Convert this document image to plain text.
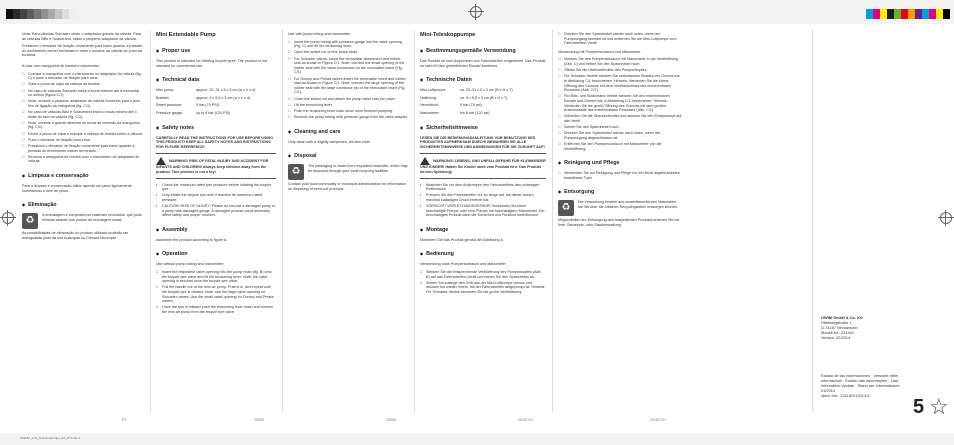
Nota: Para válvulas Schrader utilize o adaptador grande da válvula. Para as válvulas Blitz e Sclaverand, utilize o pequeno adaptador da válvula.
Pressione o elevador de fixação novamente para baixo quando a pressão do enchimento estiver terminado e retire o encaixe da válvula do pneu da bicicleta.
A usar com mangueira de bomba e manómetro
□	Coloque a mangueira com o manómetro no adaptador de válvula (fig. C) e pune o elevador de fixação para cima.
□	Solte a porca de capa da cabeça da bomba.
□	No caso de válvulas Schrader insira o bocal mesmo até à horizontal no orifício (figura C/1).
□	Nota: conecte o pequeno adaptador de válvula fornecido para o pino fixo de ligação da mangueira (fig. C/1).
□	No caso de válvulas Blitz e Sclaverand insira o bocal mesmo até o limite do bico na válvula (fig. C/1).
□	Nota: conecte a grande abertura do bocal da conexão da mangueira (fig. C/1).
□	Feche a porca de capa e coloque a cabeça de bomba sobre a válvula.
□	Puxe o elevador de fixação para cima.
□	Pressione o elevador de fixação novamente para baixo quando a pressão do enchimento estiver terminado.
□	Remova a mangueira de bomba com o manómetro do adaptador de válvula.
◆ Limpeza e conservação
Para a limpeza e conservação utilize apenas um pano ligeiramente humedecido e livre de pêlos.
◆ Eliminação
♻	A embalagem é composta por materiais reciclados, que pode eliminar através dos postos de reciclagem locais.
As possibilidades de eliminação do produto utilizado poderão ser averiguadas junto da sua Autarquia ou Câmara Municipal.
Mini Extendable Pump
◆ Proper use
This product is intended for inflating bicycle tyres. The product is not intended for commercial use.
◆ Technical data
Mini pump:	approx. 22–31 x 5 x 3 cm (w x h x d)
Bracket:	approx. 9 x 5.5 x 3 cm (w x h x d)
Rated pressure:	5 bar (70 PSI)
Pressure gauge:	up to 8 bar (120 PSI)
◆ Safety notes
CAREFULLY READ THE INSTRUCTIONS FOR USE BEFORE USING THIS PRODUCT! KEEP ALL SAFETY NOTES AND INSTRUCTIONS FOR FUTURE REFERENCE!
WARNING! RISK OF FATAL INJURY AND ACCIDENT FOR INFANTS AND CHILDREN! Always keep children away from the product. This product is not a toy!
▪	Check the maximum rated tyre pressure before inflating the bicycle tyre.
▪	Only inflate the bicycle tyre until it reaches its maximum rated pressure.
▪	CAUTION! RISK OF INJURY! Please do not use a damaged pump or a pump with damaged gauge. A damaged product could adversely affect safety and proper function.
◆ Assembly
Assemble the product according to figure A.
◆ Operation
Use without pump tubing and manometer
□	Insert the respective valve opening into the pump head (fig. B) onto the bicycle tyre valve and lift the tensioning lever. Note: the valve opening is secured once the bicycle tyre valve.
□	Pull the handle out of the mini air pump. Push it in, and repeat until the bicycle tyre is inflated. Note: use the large valve opening for Schrader valves. Use the small valve opening for Dunlop and Presta valves.
□	Once the tyre is inflated push the tensioning lever down and remove the mini air pump from the bicycle tyre valve.
Use with pump tubing and manometer
□	Insert the pump tubing with pressure gauge into the valve opening (Fig. C) and lift the tensioning lever.
□	Open the swivel nut on the pump head.
□	For Schrader valves: insert the removable attachment and rubber seal as shown in Figure C/1. Note: connect the small opening of the rubber seal with the valve connection on the removable insert (Fig. C/1).
□	For Dunlop and Presta valves insert the removable insert and rubber seal as shown in Figure C/1. Note: connect the large opening of the rubber seal with the large connector pin of the removable insert (Fig. C/1).
□	Close the swivel nut and attach the pump head onto the valve.
□	Lift the tensioning lever.
□	Push the tensioning lever back down once finished pumping.
□	Remove the pump tubing with pressure gauge from the valve adapter.
◆ Cleaning and care
Only clean with a slightly dampened, lint-free cloth.
◆ Disposal
♻	The packaging is made from recyclable materials, which may be disposed through your local recycling facilities.
Contact your local community or municipal administration for information on disposing of worn-out products.
Mini-Teleskoppumpe
◆ Bestimmungsgemäße Verwendung
Das Produkt ist zum Aufpumpen von Fahrradreifen vorgesehen. Das Produkt ist nicht für den gewerblichen Einsatz bestimmt.
◆ Technische Daten
Mini-Luftpumpe:	ca. 22–31 x 5 x 3 cm (B x H x T)
Halterung:	ca. 9 x 5,5 x 3 cm (B x H x T)
Nenndruck:	5 bar (70 psi)
Manometer:	bis 8 bar (120 psi)
◆ Sicherheitshinweise
LESEN SIE DIE BEDIENUNGSANLEITUNG VOR BENUTZUNG DES PRODUKTES AUFMERKSAM DURCH! BEWAHREN SIE ALLE SICHERHEITSHINWEISE UND ANWEISUNGEN FÜR DIE ZUKUNFT AUF!
WARNUNG! LEBENS- UND UNFALLGEFAHR FÜR KLEINKINDER UND KINDER! Halten Sie Kinder stets vom Produkt fern. Das Produkt ist kein Spielzeug!
▪	Beachten Sie vor dem Aufpumpen des Fahrradreifens den zulässigen Reifendruck.
▪	Pumpen Sie den Fahrradreifen nur so lange auf, bis dieser seinen maximal zulässigen Druck erreicht hat.
▪	VORSICHT! VERLETZUNGSGEFAHR! Verwenden Sie keine beschädigte Pumpe oder eine Pumpe mit beschädigtem Manometer. Ein beschädigtes Produkt kann die Sicherheit und Funktion beeinflussen.
◆ Montage
Montieren Sie das Produkt gemäß der Abbildung A.
◆ Bedienung
Verwendung ohne Pumpenschlauch und Manometer
□	Stecken Sie die entsprechende Ventilöffnung des Pumpenkopfes (Abb. B) auf das Fahrradreifen-Ventil und heben Sie den Spannhebel an.
□	Ziehen Sie solange den Griff aus der Mini-Luftpumpe heraus und drücken ihn wieder hinein, bis der Fahrradreifen aufgepumpt ist. Hinweis: Für Schrader-Ventile benutzen Sie die große Ventilöffnung.
□	Drücken Sie den Spannhebel wieder nach unten, wenn der Pumpvorgang beendet ist und entfernen Sie die Mini-Luftpumpe vom Fahrradreifen-Ventil.
Verwendung mit Pumpenschlauch und Manometer
□	Stecken Sie den Pumpenschlauch mit Manometer in die Ventilöffnung (Abb. C) und heben Sie den Spannhebel hoch.
□	Öffnen Sie die Überwurfmutter des Pumpenkopfes.
□	Für Schrader-Ventile stecken Sie vereinfachen Einsatz und Gummi wie in Abbildung C/1 beschrieben. Hinweis: Verbinden Sie die kleine Öffnung des Gummis mit dem Ventilanschluss des entnehmbaren Einsatzes (Abb. C/1).
□	Für Blitz- und Sclaverand-Ventile stecken Sie den entnehmbaren Einsatz und Gummi wie in Abbildung C/1 beschrieben. Hinweis: Verbinden Sie die große Öffnung des Gummis mit dem großen Anschlussstift des entnehmbaren Einsatzes (Abb. C/1).
□	Schließen Sie die Überwurfmutter und stecken Sie den Pumpenkopf auf das Ventil.
□	Ziehen Sie den Spannhebel hoch.
□	Drücken Sie den Spannhebel wieder nach unten, wenn der Pumpvorgang abgeschlossen ist.
□	Entfernen Sie den Pumpenschlauch mit Manometer von der Ventilöffnung.
◆ Reinigung und Pflege
□	Verwenden Sie zur Reinigung und Pflege nur ein leicht angefeuchtetes, fusselfreies Tuch.
◆ Entsorgung
♻	Die Verpackung besteht aus umweltfreundlichen Materialien, die Sie über die örtlichen Recyclingstellen entsorgen können.
Möglichkeiten zur Entsorgung des ausgedienten Produkts erfahren Sie bei Ihrer Gemeinde- oder Stadtverwaltung.
OWIM GmbH & Co. KG
Stiftsbergstraße 1
D-74167 Neckarsulm
Modell-Nr.: Z31162
Version: 02/2014
Estado de las informaciones · Versione delle informazioni · Estado das informações · Last Information Update · Stand der Informationen: 01/2014
Ident.-No.: Z31162012014-5
5 ☆
PT	GB/MT	GB/MT	DE/AT/CH	DE/AT/CH
Z31162_mini_Teleskoppumpe_ES_PT.indd 4
